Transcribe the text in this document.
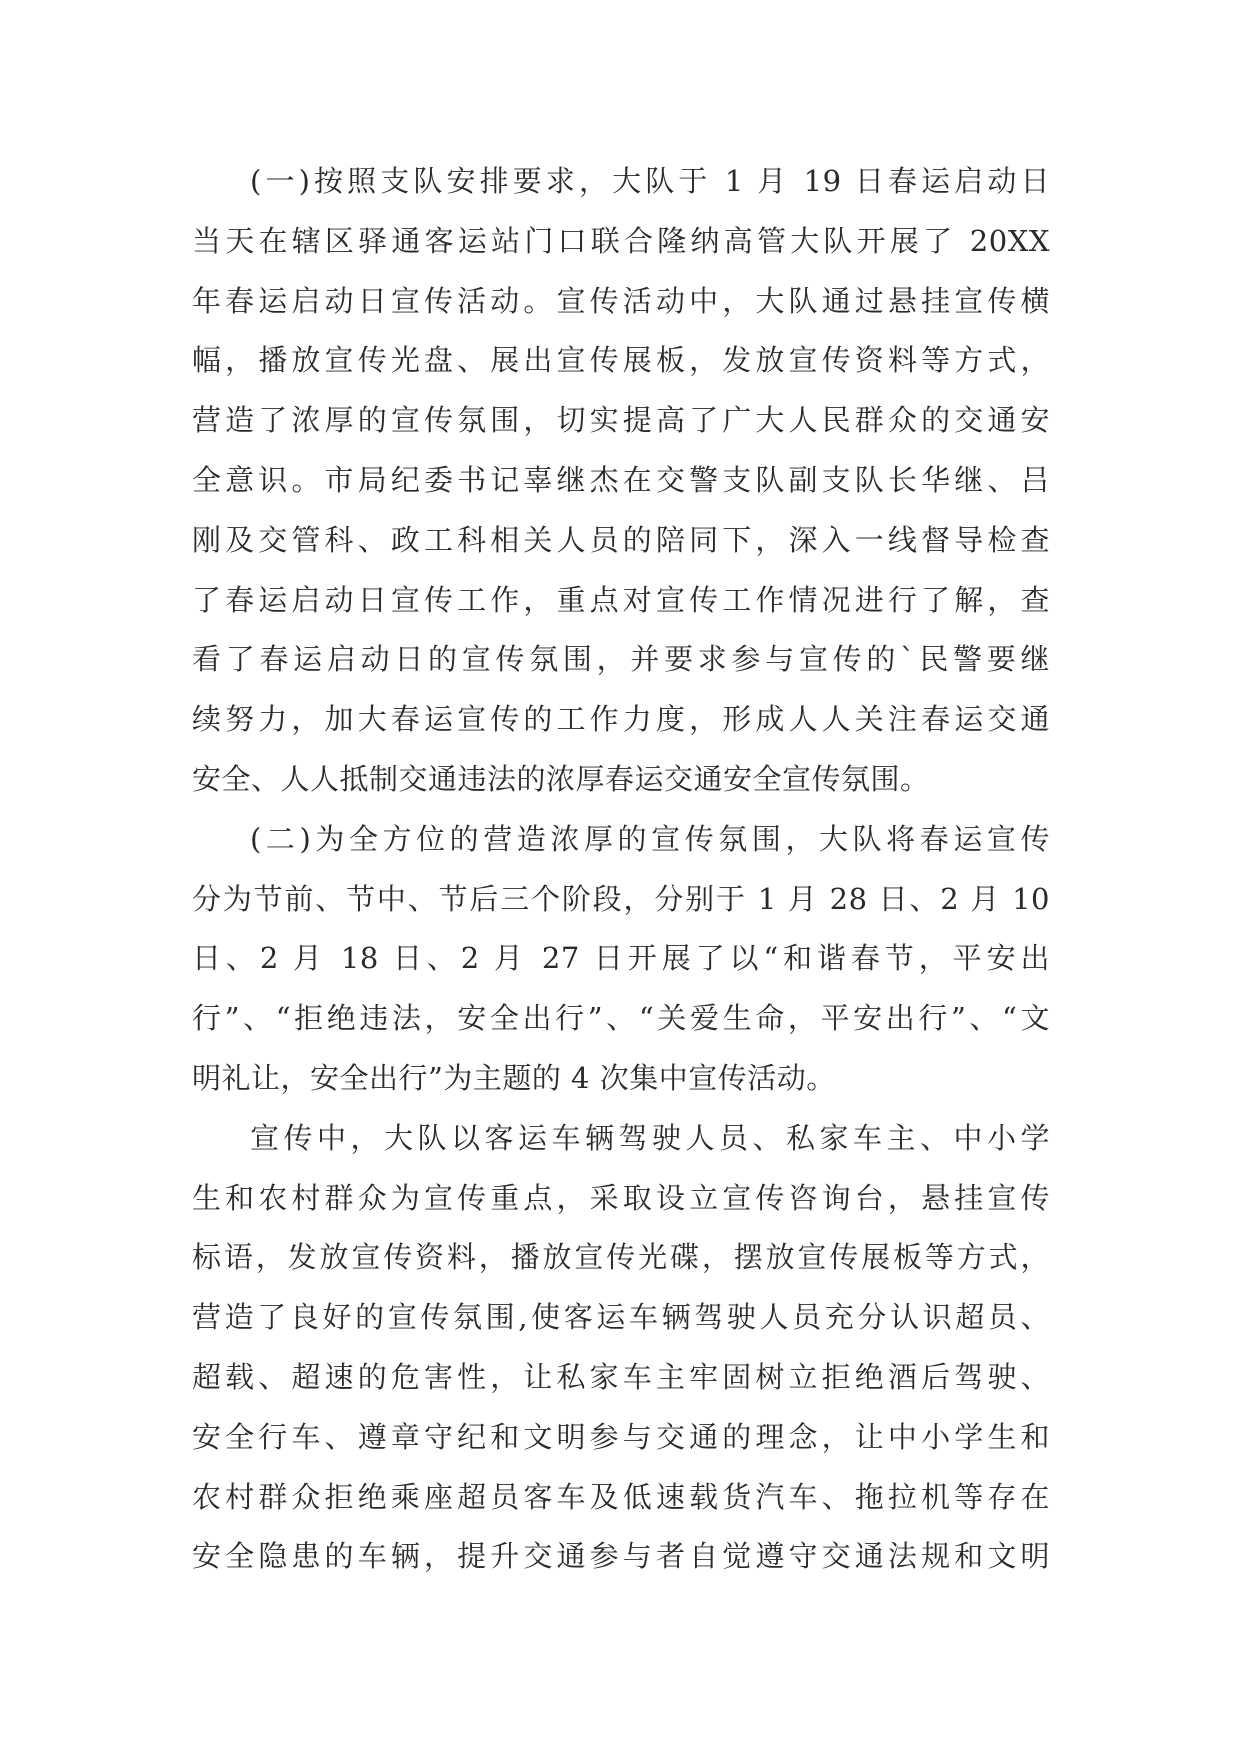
(一)按照支队安排要求，大队于 1 月 19 日春运启动日
当天在辖区驿通客运站门口联合隆纳高管大队开展了 20XX
年春运启动日宣传活动。宣传活动中，大队通过悬挂宣传横
幅，播放宣传光盘、展出宣传展板，发放宣传资料等方式，
营造了浓厚的宣传氛围，切实提高了广大人民群众的交通安
全意识。市局纪委书记辜继杰在交警支队副支队长华继、吕
刚及交管科、政工科相关人员的陪同下，深入一线督导检查
了春运启动日宣传工作，重点对宣传工作情况进行了解，查
看了春运启动日的宣传氛围，并要求参与宣传的`民警要继
续努力，加大春运宣传的工作力度，形成人人关注春运交通
安全、人人抵制交通违法的浓厚春运交通安全宣传氛围。
(二)为全方位的营造浓厚的宣传氛围，大队将春运宣传
分为节前、节中、节后三个阶段，分别于 1 月 28 日、2 月 10
日、2 月 18 日、2 月 27 日开展了以“和谐春节，平安出
行”、“拒绝违法，安全出行”、“关爱生命，平安出行”、“文
明礼让，安全出行”为主题的 4 次集中宣传活动。
宣传中，大队以客运车辆驾驶人员、私家车主、中小学
生和农村群众为宣传重点，采取设立宣传咨询台，悬挂宣传
标语，发放宣传资料，播放宣传光碟，摆放宣传展板等方式，
营造了良好的宣传氛围,使客运车辆驾驶人员充分认识超员、
超载、超速的危害性，让私家车主牢固树立拒绝酒后驾驶、
安全行车、遵章守纪和文明参与交通的理念，让中小学生和
农村群众拒绝乘座超员客车及低速载货汽车、拖拉机等存在
安全隐患的车辆，提升交通参与者自觉遵守交通法规和文明
